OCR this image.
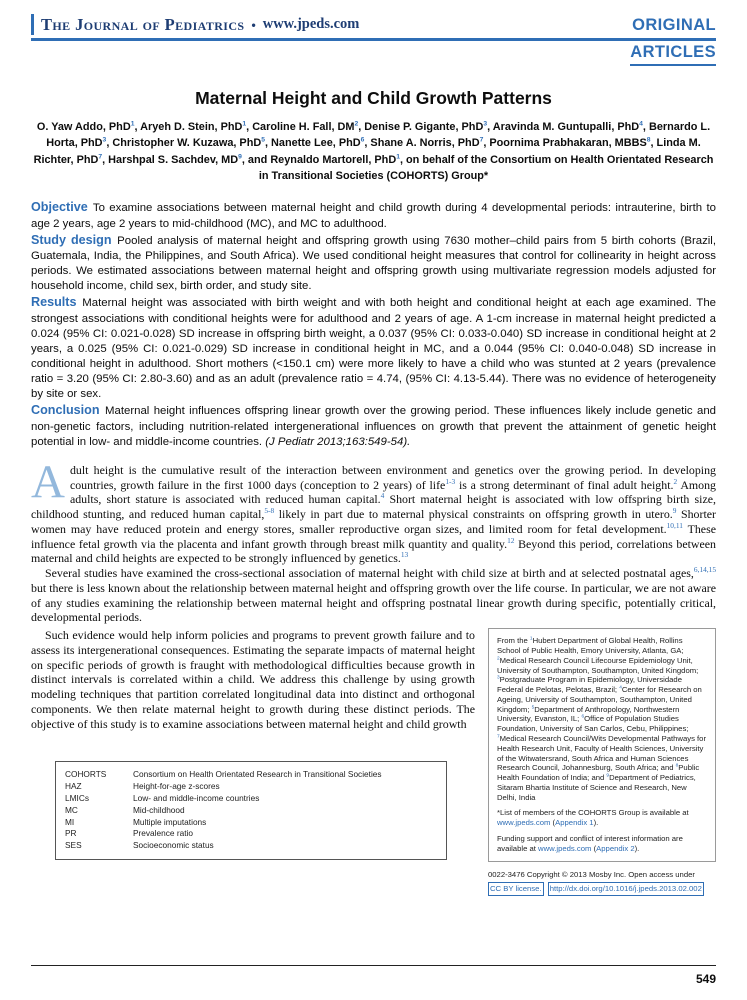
The Journal of Pediatrics • www.jpeds.com	ORIGINAL
ARTICLES
Maternal Height and Child Growth Patterns

O. Yaw Addo, PhD$^1$, Aryeh D. Stein, PhD$^1$, Caroline H. Fall, $DM^2$, Denise P. Gigante, PhD$^3$, Aravinda M. Guntupalli, PhD$^4$, Bernardo L. Horta, PhD$^3$, Christopher W. Kuzawa, PhD$^5$, Nanette Lee, PhD$^6$, Shane A. Norris, PhD$^7$, Poornima Prabhakaran, MBBS$^8$, Linda M. Richter, PhD$^7$, Harshpal S. Sachdev, $MD^9$, and Reynaldo Martorell, PhD$^1$, on behalf of the Consortium on Health Orientated Research in Transitional Societies (COHORTS) Group*

Objective To examine associations between maternal height and child growth during 4 developmental periods: intrauterine, birth to age 2 years, age 2 years to mid-childhood (MC), and MC to adulthood.

Study design Pooled analysis of maternal height and offspring growth using 7630 mother–child pairs from 5 birth cohorts (Brazil, Guatemala, India, the Philippines, and South Africa). We used conditional height measures that control for collinearity in height across periods. We estimated associations between maternal height and offspring growth using multivariate regression models adjusted for household income, child sex, birth order, and study site.

Results Maternal height was associated with birth weight and with both height and conditional height at each age examined. The strongest associations with conditional heights were for adulthood and 2 years of age. A 1-cm increase in maternal height predicted a 0.024 (95% CI: 0.021-0.028) SD increase in offspring birth weight, a 0.037 (95% CI: 0.033-0.040) SD increase in conditional height at 2 years, a 0.025 (95% CI: 0.021-0.029) SD increase in conditional height in MC, and a 0.044 (95% CI: 0.040-0.048) SD increase in conditional height in adulthood. Short mothers (<150.1 cm) were more likely to have a child who was stunted at 2 years (prevalence ratio = 3.20 (95% CI: 2.80-3.60) and as an adult (prevalence ratio = 4.74, (95% CI: 4.13-5.44). There was no evidence of heterogeneity by site or sex.

Conclusion Maternal height influences offspring linear growth over the growing period. These influences likely include genetic and non-genetic factors, including nutrition-related intergenerational influences on growth that prevent the attainment of genetic height potential in low- and middle-income countries. (J Pediatr 2013;163:549-54).

Adult height is the cumulative result of the interaction between environment and genetics over the growing period. In developing countries, growth failure in the first 1000 days (conception to 2 years) of life$^{1-3}$ is a strong determinant of final adult height.$^2$ Among adults, short stature is associated with reduced human capital.$^4$ Short maternal height is associated with low offspring birth size, childhood stunting, and reduced human capital,$^{5-8}$ likely in part due to maternal physical constraints on offspring growth in utero.$^9$ Shorter women may have reduced protein and energy stores, smaller reproductive organ sizes, and limited room for fetal development.$^{10,11}$ These influence fetal growth via the placenta and infant growth through breast milk quantity and quality.$^{12}$ Beyond this period, correlations between maternal and child heights are expected to be strongly influenced by genetics.$^{13}$

Several studies have examined the cross-sectional association of maternal height with child size at birth and at selected postnatal ages,$^{6,14,15}$ but there is less known about the relationship between maternal height and offspring growth over the life course. In particular, we are not aware of any studies examining the relationship between maternal height and offspring postnatal linear growth during specific, potentially critical, developmental periods.

Such evidence would help inform policies and programs to prevent growth failure and to assess its intergenerational consequences. Estimating the separate impacts of maternal height on specific periods of growth is fraught with methodological difficulties because growth in distinct intervals is correlated within a child. We address this challenge by using growth modeling techniques that partition correlated longitudinal data into distinct and orthogonal components. We then relate maternal height to growth during these distinct periods. The objective of this study is to examine associations between maternal height and child growth

COHORTS	Consortium on Health Orientated Research in Transitional Societies
HAZ	Height-for-age z-scores
LMICs	Low- and middle-income countries
MC	Mid-childhood
MI	Multiple imputations
PR	Prevalence ratio
SES	Socioeconomic status

From the $^1$Hubert Department of Global Health, Rollins School of Public Health, Emory University, Atlanta, GA; $^2$Medical Research Council Lifecourse Epidemiology Unit, University of Southampton, Southampton, United Kingdom; $^3$Postgraduate Program in Epidemiology, Universidade Federal de Pelotas, Pelotas, Brazil; $^4$Center for Research on Ageing, University of Southampton, Southampton, United Kingdom; $^5$Department of Anthropology, Northwestern University, Evanston, IL; $^6$Office of Population Studies Foundation, University of San Carlos, Cebu, Philippines; $^7$Medical Research Council/Wits Developmental Pathways for Health Research Unit, Faculty of Health Sciences, University of the Witwatersrand, South Africa and Human Sciences Research Council, Johannesburg, South Africa; and $^8$Public Health Foundation of India; and $^9$Department of Pediatrics, Sitaram Bhartia Institute of Science and Research, New Delhi, India

*List of members of the COHORTS Group is available at www.jpeds.com (Appendix 1).

Funding support and conflict of interest information are available at www.jpeds.com (Appendix 2).

0022-3476 Copyright © 2013 Mosby Inc. Open access under
CC BY license. http://dx.doi.org/10.1016/j.jpeds.2013.02.002
549
